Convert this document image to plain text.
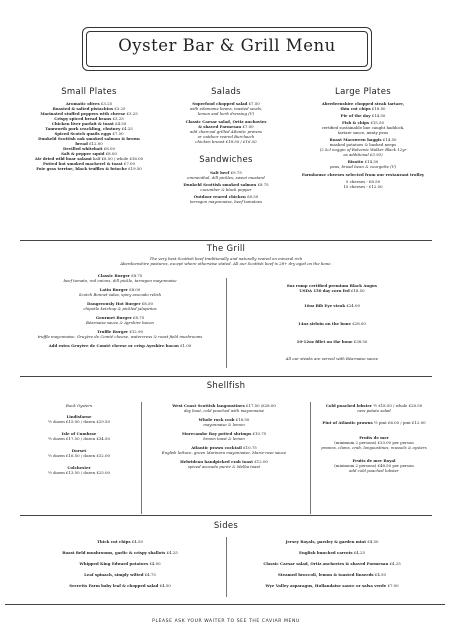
Oyster Bar & Grill Menu
Small Plates	Salads	Large Plates
Sandwiches
Aromatic olives £3.25
Roasted & salted pistachios £3.25
Marinated stuffed peppers with cheese £3.25
Crispy spiced bread beans £3.25
Chicken liver parfait & toast £4.50
Tamworth pork crackling, chutney £4.25
Spiced Scotch quails eggs £7.50
Dunkeld Scottish oak smoked salmon & brown bread £12.00
Devilled whitebait £8.00
Salt & pepper squid £8.00
Air dried wild boar salami half £8.50 / whole £16.00
Potted hot smoked mackerel & toast £7.00
Foie gras terrine, black truffles & brioche £19.50
Superfood chopped salad £7.50
with edamame beans, toasted seeds,
lemon and herb dressing (V)
Classic Caesar salad, Ortiz anchovies
& shaved Parmesan £7.00
add charcoal grilled Atlantic prawns
or outdoor reared Burclauch
chicken breast £18.50 / £16.50
Salt beef £9.75
emmenthal, dill pickles, sweet mustard
Dunkeld Scottish smoked salmon £8.75
cucumber & black pepper
Outdoor reared chicken £8.50
tarragon mayonnaise, beef tomatoes
Aberdeenshire chopped steak tartare,
thin cut chips £18.50
Pie of the day £14.50
Fish & chips £15.50
certified sustainable line caught haddock,
tartare sauce, minty peas
Roast Macsween haggis £14.50
mashed potatoes & bashed neeps
(2.5cl noggin of Balvenie Walker Black 12yr
as additional £3.95)
Risotto £14.50
peas, broad bean & courgette (V)
Farmhouse cheeses selected from our restaurant trolley
5 cheeses - £8.50
10 cheeses - £12.50
The Grill
The very best Scottish beef traditionally and naturally reared on mineral rich
Aberdeenshire pastures, except where otherwise stated. All our Scottish beef is 28+ dry aged on the bone.
Classic Burger £8.75
beef tomato, red onions, dill pickle, tarragon mayonnaise
Latin Burger £8.00
Scotch Bonnet salsa, spicy avocado relish
Dangerously Hot Burger £8.50
chipotle ketchup & pickled jalapeños
Gourmet Burger £8.75
Béarnaise sauce & Ayrshire bacon
Truffle Burger £12.90
truffle mayonnaise, Gruyère de Comté cheese, watercress & roast field mushrooms
Add extra Gruyère de Comté cheese or crisp Ayrshire bacon £1.00
8oz rump certified premium Black Angus
USDA 150 day corn fed £18.50
10oz Rib Eye steak £24.00
14oz sirloin on the bone £28.00
10-12oz fillet on the bone £38.50
All our steaks are served with Béarnaise sauce
Shellfish
Rock Oysters
Lindisfarne
½ dozen £15.00 / dozen £29.50
Isle of Cumbrae
½ dozen £17.50 / dozen £34.50
Dorset
½ dozen £16.50 / dozen £32.00
Colchester
½ dozen £13.50 / dozen £25.00
West Coast Scottish langoustines £17.50 /£28.00
day boat, cold poached with mayonnaise
Whole rock crab £18.50
mayonnaise & lemon
Morecambe Bay potted shrimps £10.75
brown toast & lemon
Atlantic prawn cocktail £10.75
English lettuce, green Marinara mayonnaise, Marie-rose sauce
Hebridean handpicked crab toast £12.00
spiced avocado purée & Melba toast
Cold poached lobster ½ £18.50 / whole £28.50
new potato salad
Pint of Atlantic prawns ½ pint £6.00 / pint £12.00
Fruits de mer
(minimum 2 persons) £33.00 per person
prawns, clams, crab, langoustines, mussels & oysters
Fruits de mer Royal
(minimum 2 persons) £48.50 per person
add cold poached lobster
Sides
Thick cut chips £4.50
Roast field mushrooms, garlic & crispy shallots £4.25
Whipped King Edward potatoes £4.00
Leaf spinach, simply wilted £4.75
Secretts Farm baby leaf & chopped salad £4.50
Jersey Royals, parsley & garden mint £4.50
English bunched carrots £4.25
Classic Caesar salad, Ortiz anchovies & shaved Parmesan £4.25
Steamed broccoli, lemon & toasted linseeds £4.50
Wye Valley asparagus, Hollandaise sauce or salsa verde £7.00
PLEASE ASK YOUR WAITER TO SEE THE CAVIAR MENU
